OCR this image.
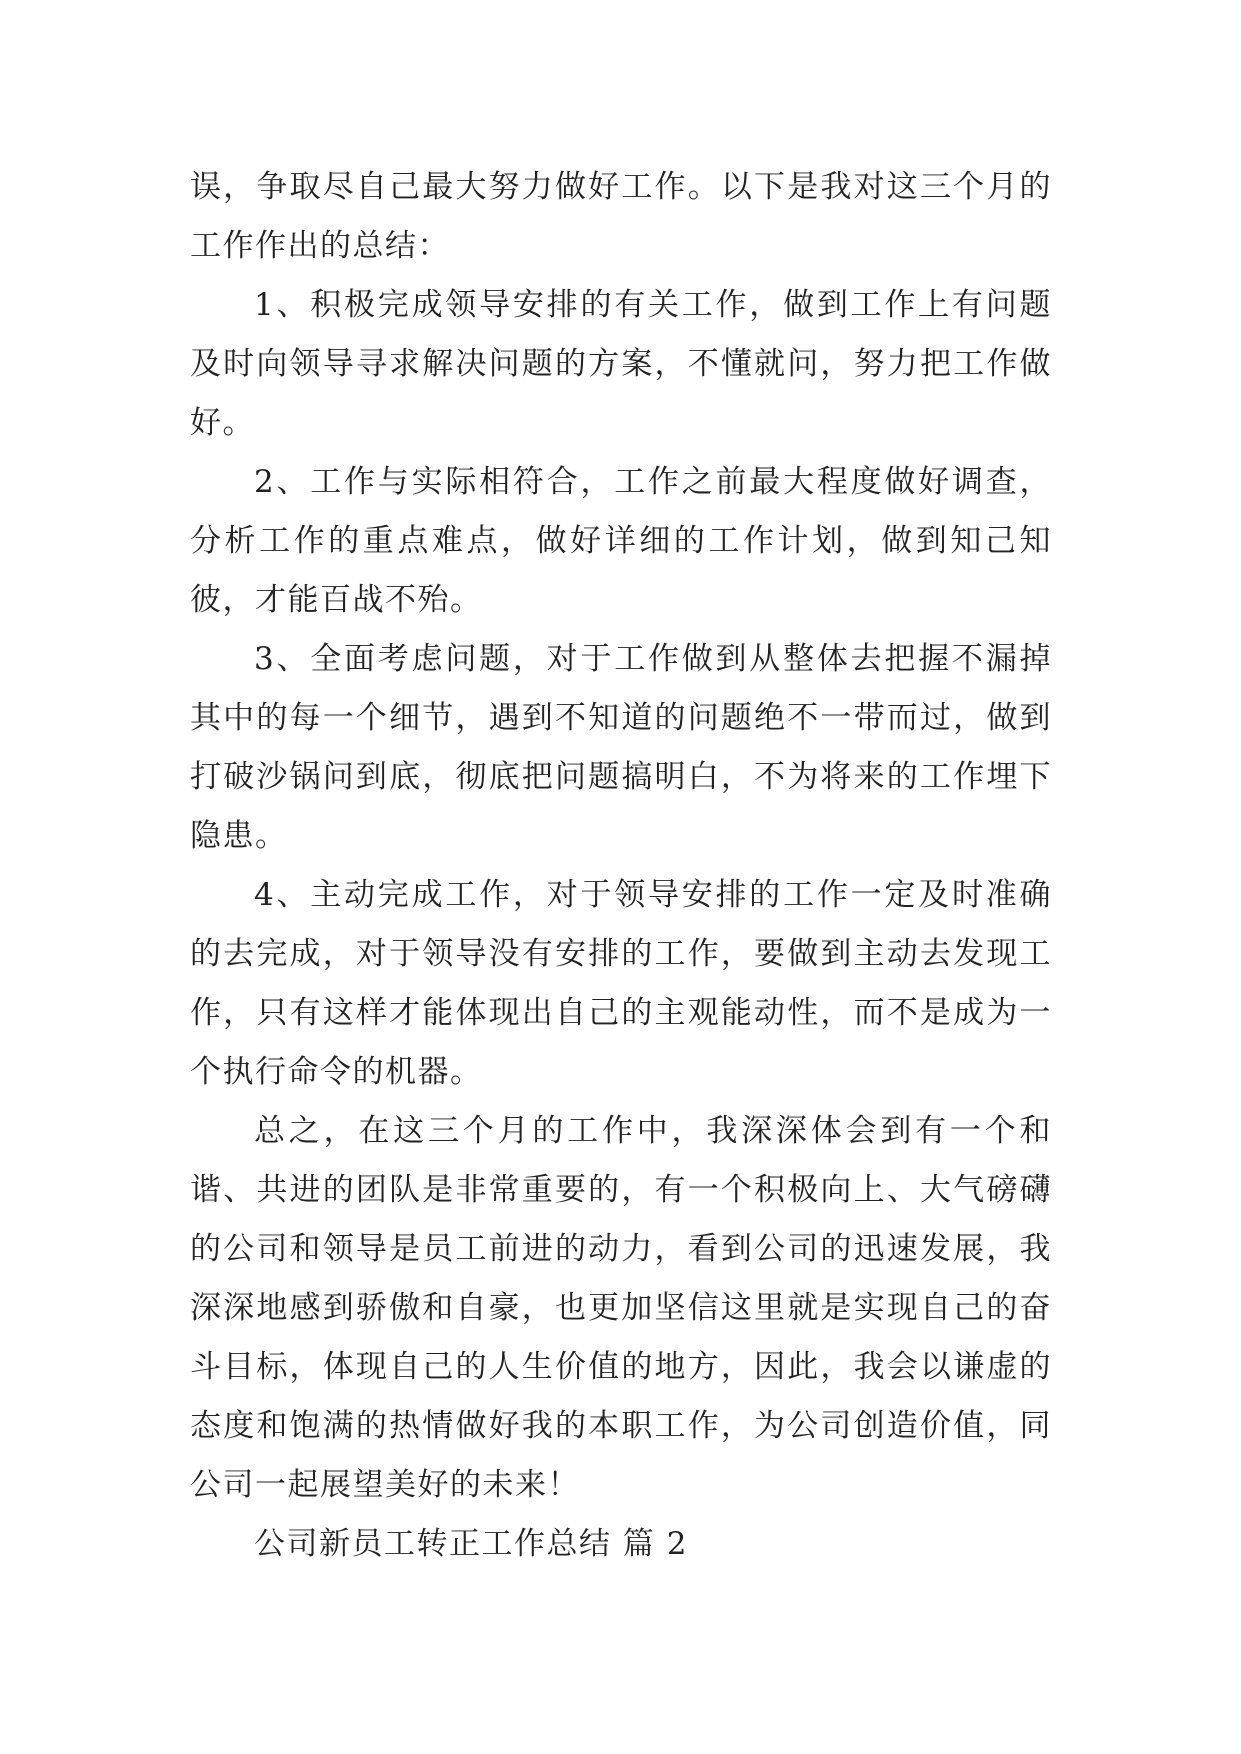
误，争取尽自己最大努力做好工作。以下是我对这三个月的工作作出的总结：

1、积极完成领导安排的有关工作，做到工作上有问题及时向领导寻求解决问题的方案，不懂就问，努力把工作做好。

2、工作与实际相符合，工作之前最大程度做好调查，分析工作的重点难点，做好详细的工作计划，做到知己知彼，才能百战不殆。

3、全面考虑问题，对于工作做到从整体去把握不漏掉其中的每一个细节，遇到不知道的问题绝不一带而过，做到打破沙锅问到底，彻底把问题搞明白，不为将来的工作埋下隐患。

4、主动完成工作，对于领导安排的工作一定及时准确的去完成，对于领导没有安排的工作，要做到主动去发现工作，只有这样才能体现出自己的主观能动性，而不是成为一个执行命令的机器。

总之，在这三个月的工作中，我深深体会到有一个和谐、共进的团队是非常重要的，有一个积极向上、大气磅礴的公司和领导是员工前进的动力，看到公司的迅速发展，我深深地感到骄傲和自豪，也更加坚信这里就是实现自己的奋斗目标，体现自己的人生价值的地方，因此，我会以谦虚的态度和饱满的热情做好我的本职工作，为公司创造价值，同公司一起展望美好的未来！

公司新员工转正工作总结 篇 2
